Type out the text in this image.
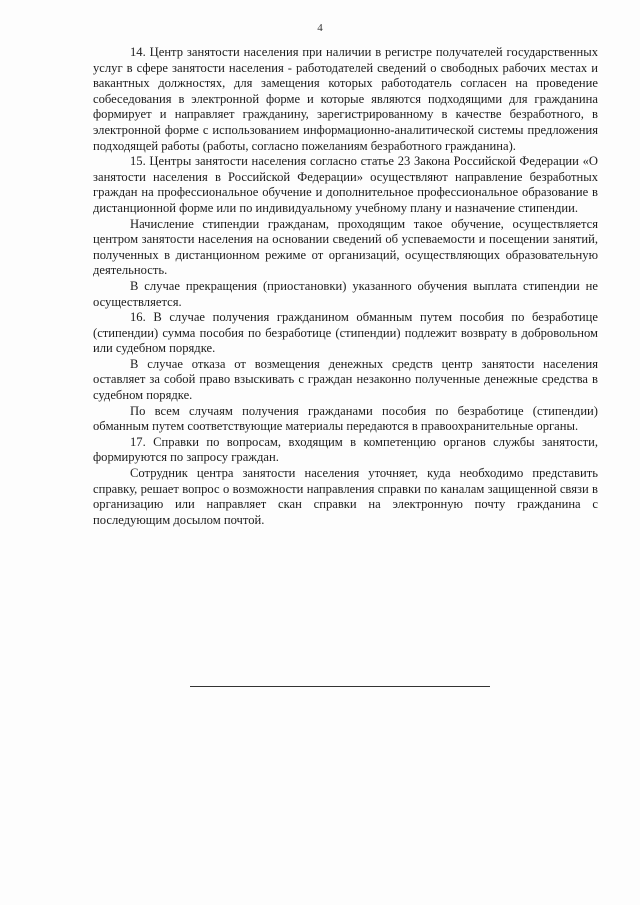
4

14. Центр занятости населения при наличии в регистре получателей государственных услуг в сфере занятости населения - работодателей сведений о свободных рабочих местах и вакантных должностях, для замещения которых работодатель согласен на проведение собеседования в электронной форме и которые являются подходящими для гражданина формирует и направляет гражданину, зарегистрированному в качестве безработного, в электронной форме с использованием информационно-аналитической системы предложения подходящей работы (работы, согласно пожеланиям безработного гражданина).

15. Центры занятости населения согласно статье 23 Закона Российской Федерации «О занятости населения в Российской Федерации» осуществляют направление безработных граждан на профессиональное обучение и дополнительное профессиональное образование в дистанционной форме или по индивидуальному учебному плану и назначение стипендии.

Начисление стипендии гражданам, проходящим такое обучение, осуществляется центром занятости населения на основании сведений об успеваемости и посещении занятий, полученных в дистанционном режиме от организаций, осуществляющих образовательную деятельность.

В случае прекращения (приостановки) указанного обучения выплата стипендии не осуществляется.

16. В случае получения гражданином обманным путем пособия по безработице (стипендии) сумма пособия по безработице (стипендии) подлежит возврату в добровольном или судебном порядке.

В случае отказа от возмещения денежных средств центр занятости населения оставляет за собой право взыскивать с граждан незаконно полученные денежные средства в судебном порядке.

По всем случаям получения гражданами пособия по безработице (стипендии) обманным путем соответствующие материалы передаются в правоохранительные органы.

17. Справки по вопросам, входящим в компетенцию органов службы занятости, формируются по запросу граждан.

Сотрудник центра занятости населения уточняет, куда необходимо представить справку, решает вопрос о возможности направления справки по каналам защищенной связи в организацию или направляет скан справки на электронную почту гражданина с последующим досылом почтой.
